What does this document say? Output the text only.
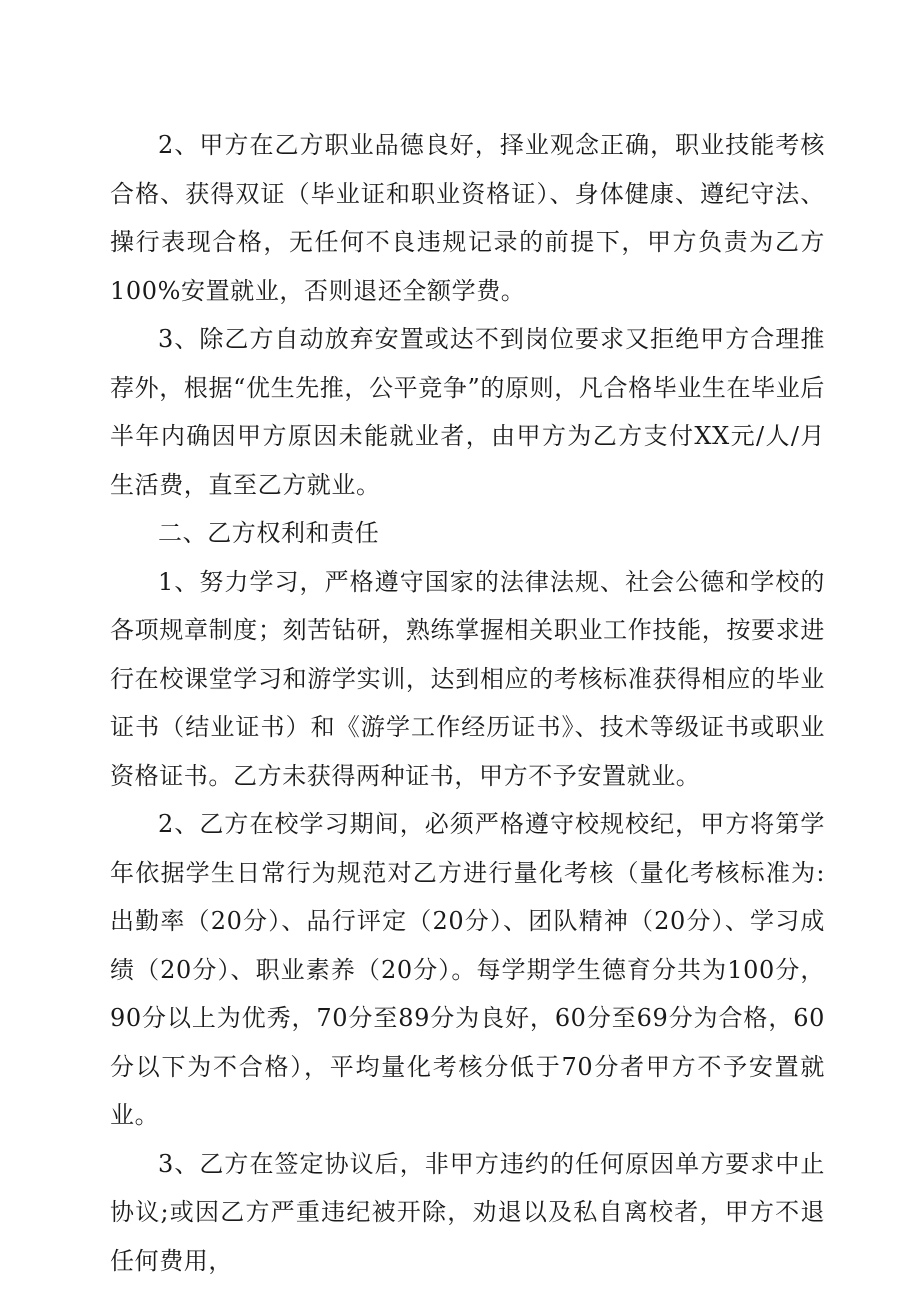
2、甲方在乙方职业品德良好，择业观念正确，职业技能考核合格、获得双证（毕业证和职业资格证）、身体健康、遵纪守法、操行表现合格，无任何不良违规记录的前提下，甲方负责为乙方100%安置就业，否则退还全额学费。

3、除乙方自动放弃安置或达不到岗位要求又拒绝甲方合理推荐外，根据“优生先推，公平竞争”的原则，凡合格毕业生在毕业后半年内确因甲方原因未能就业者，由甲方为乙方支付XX元/人/月生活费，直至乙方就业。

二、乙方权利和责任

1、努力学习，严格遵守国家的法律法规、社会公德和学校的各项规章制度；刻苦钻研，熟练掌握相关职业工作技能，按要求进行在校课堂学习和游学实训，达到相应的考核标准获得相应的毕业证书（结业证书）和《游学工作经历证书》、技术等级证书或职业资格证书。乙方未获得两种证书，甲方不予安置就业。

2、乙方在校学习期间，必须严格遵守校规校纪，甲方将第学年依据学生日常行为规范对乙方进行量化考核（量化考核标准为:出勤率（20分）、品行评定（20分）、团队精神（20分）、学习成绩（20分）、职业素养（20分）。每学期学生德育分共为100分，90分以上为优秀，70分至89分为良好，60分至69分为合格，60分以下为不合格），平均量化考核分低于70分者甲方不予安置就业。

3、乙方在签定协议后，非甲方违约的任何原因单方要求中止协议;或因乙方严重违纪被开除，劝退以及私自离校者，甲方不退任何费用，
